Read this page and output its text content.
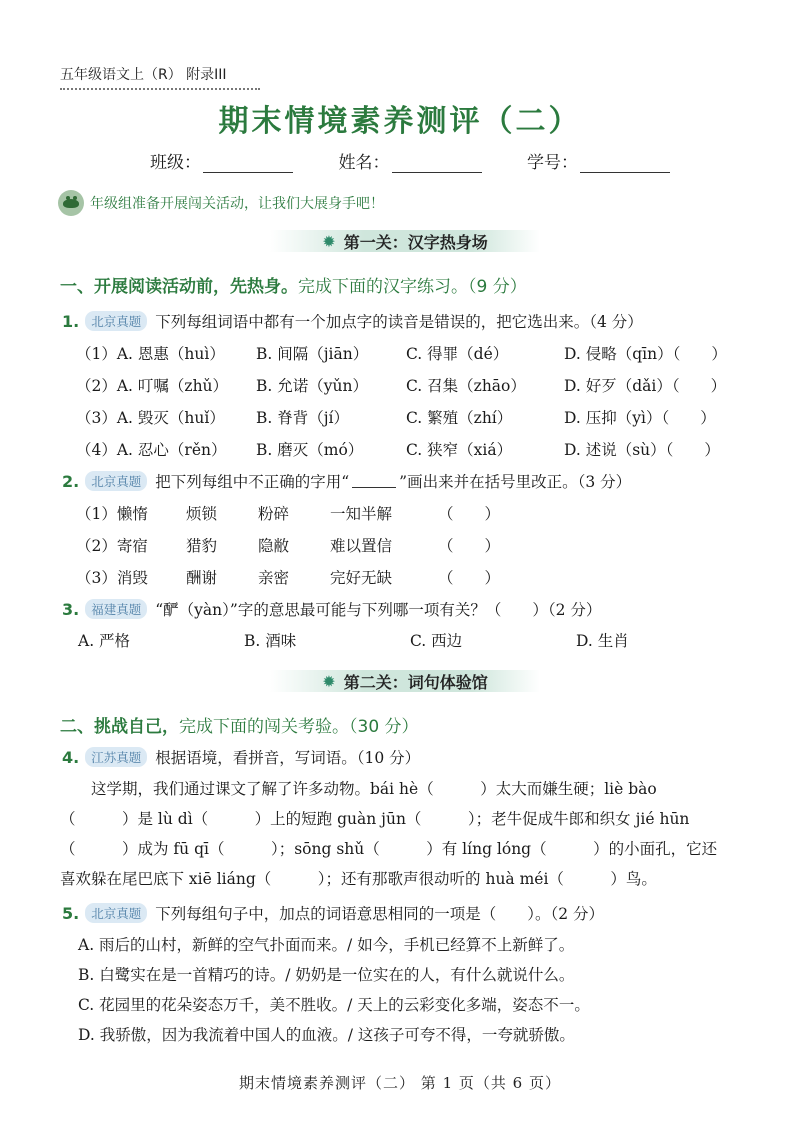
五年级语文上（R） 附录III
期末情境素养测评（二）
班级：	姓名：	学号：
年级组准备开展闯关活动，让我们大展身手吧！
✹ 第一关：汉字热身场
一、开展阅读活动前，先热身。完成下面的汉字练习。（9 分）
1. 北京真题 下列每组词语中都有一个加点字的读音是错误的，把它选出来。（4 分）
（1）A. 恩惠（huì）	B. 间隔（jiān）	C. 得罪（dé）	D. 侵略（qīn）（　　）
（2）A. 叮嘱（zhǔ）	B. 允诺（yǔn）	C. 召集（zhāo）	D. 好歹（dǎi）（　　）
（3）A. 毁灭（huǐ）	B. 脊背（jí）	C. 繁殖（zhí）	D. 压抑（yì）（　　）
（4）A. 忍心（rěn）	B. 磨灭（mó）	C. 狭窄（xiá）	D. 述说（sù）（　　）
2. 北京真题 把下列每组中不正确的字用“	”画出来并在括号里改正。（3 分）
（1）懒惰	烦锁	粉碎	一知半解	（　　）
（2）寄宿	猎豹	隐敝	难以置信	（　　）
（3）消毁	酬谢	亲密	完好无缺	（　　）
3. 福建真题 “酽（yàn）”字的意思最可能与下列哪一项有关？（　　）（2 分）
A. 严格	B. 酒味	C. 西边	D. 生肖
✹ 第二关：词句体验馆
二、挑战自己，完成下面的闯关考验。（30 分）
4. 江苏真题 根据语境，看拼音，写词语。（10 分）
　　这学期，我们通过课文了解了许多动物。bái hè（　　　）太大而嫌生硬；liè bào
（　　　）是 lù dì（　　　）上的短跑 guàn jūn（　　　）；老牛促成牛郎和织女 jié hūn
（　　　）成为 fū qī（　　　）；sōng shǔ（　　　）有 líng lóng（　　　）的小面孔，它还
喜欢躲在尾巴底下 xiē liáng（　　　）；还有那歌声很动听的 huà méi（　　　）鸟。
5. 北京真题 下列每组句子中，加点的词语意思相同的一项是（　　）。（2 分）
A. 雨后的山村，新鲜的空气扑面而来。/ 如今，手机已经算不上新鲜了。
B. 白鹭实在是一首精巧的诗。/ 奶奶是一位实在的人，有什么就说什么。
C. 花园里的花朵姿态万千，美不胜收。/ 天上的云彩变化多端，姿态不一。
D. 我骄傲，因为我流着中国人的血液。/ 这孩子可夸不得，一夸就骄傲。
期末情境素养测评（二） 第 1 页（共 6 页）
